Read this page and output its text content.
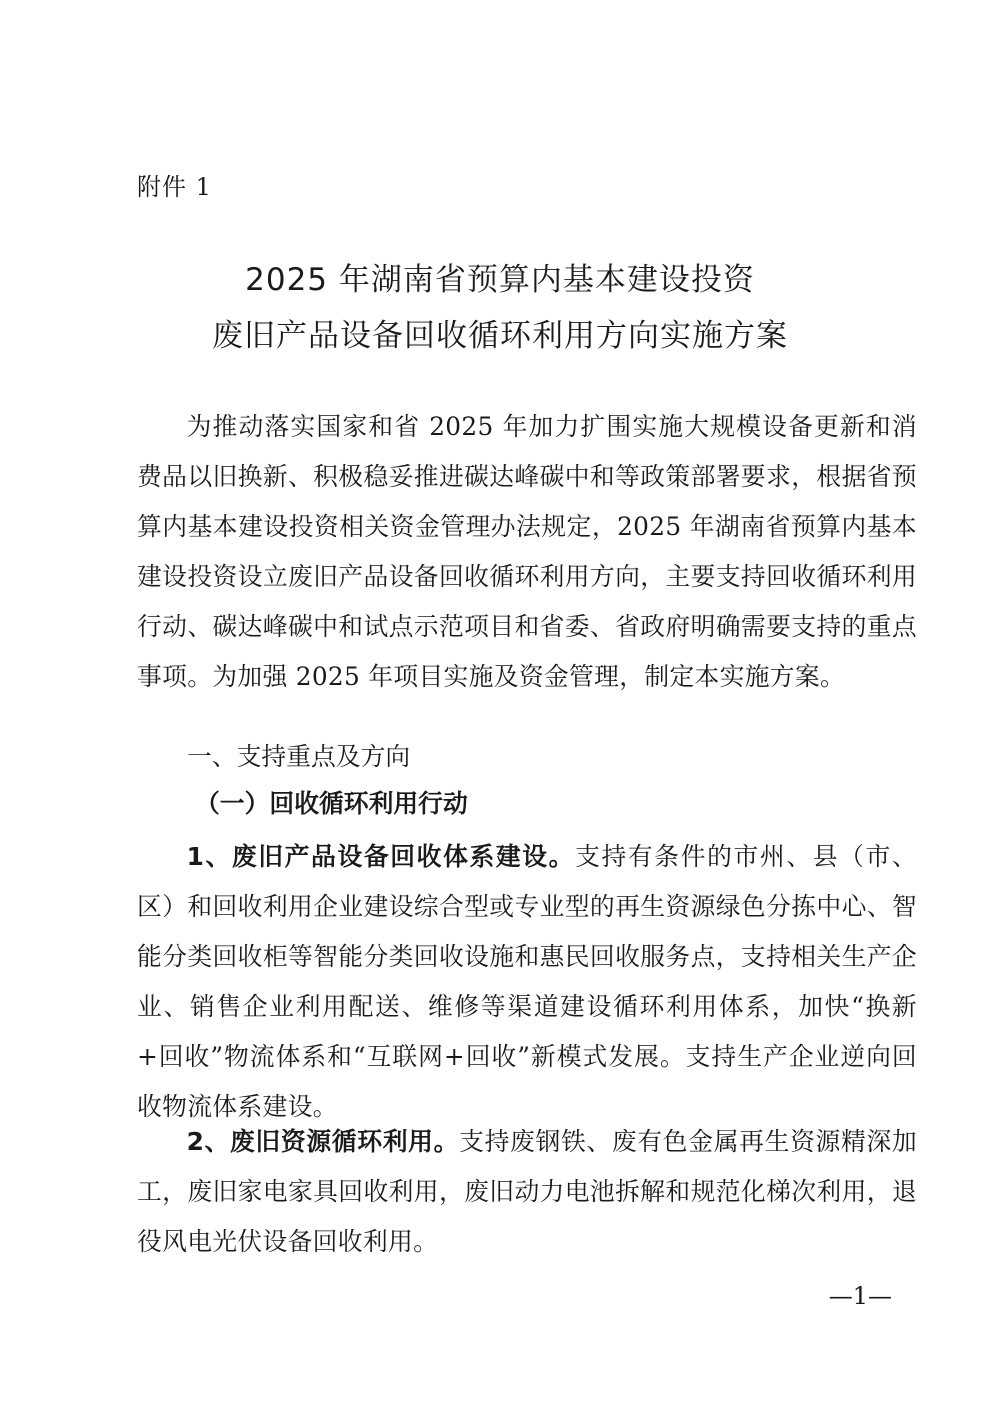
附件 1
2025 年湖南省预算内基本建设投资
废旧产品设备回收循环利用方向实施方案

为推动落实国家和省 2025 年加力扩围实施大规模设备更新和消费品以旧换新、积极稳妥推进碳达峰碳中和等政策部署要求，根据省预算内基本建设投资相关资金管理办法规定，2025 年湖南省预算内基本建设投资设立废旧产品设备回收循环利用方向，主要支持回收循环利用行动、碳达峰碳中和试点示范项目和省委、省政府明确需要支持的重点事项。为加强 2025 年项目实施及资金管理，制定本实施方案。

一、支持重点及方向
（一）回收循环利用行动

1、废旧产品设备回收体系建设。支持有条件的市州、县（市、区）和回收利用企业建设综合型或专业型的再生资源绿色分拣中心、智能分类回收柜等智能分类回收设施和惠民回收服务点，支持相关生产企业、销售企业利用配送、维修等渠道建设循环利用体系，加快“换新+回收”物流体系和“互联网+回收”新模式发展。支持生产企业逆向回收物流体系建设。

2、废旧资源循环利用。支持废钢铁、废有色金属再生资源精深加工，废旧家电家具回收利用，废旧动力电池拆解和规范化梯次利用，退役风电光伏设备回收利用。

—1—
